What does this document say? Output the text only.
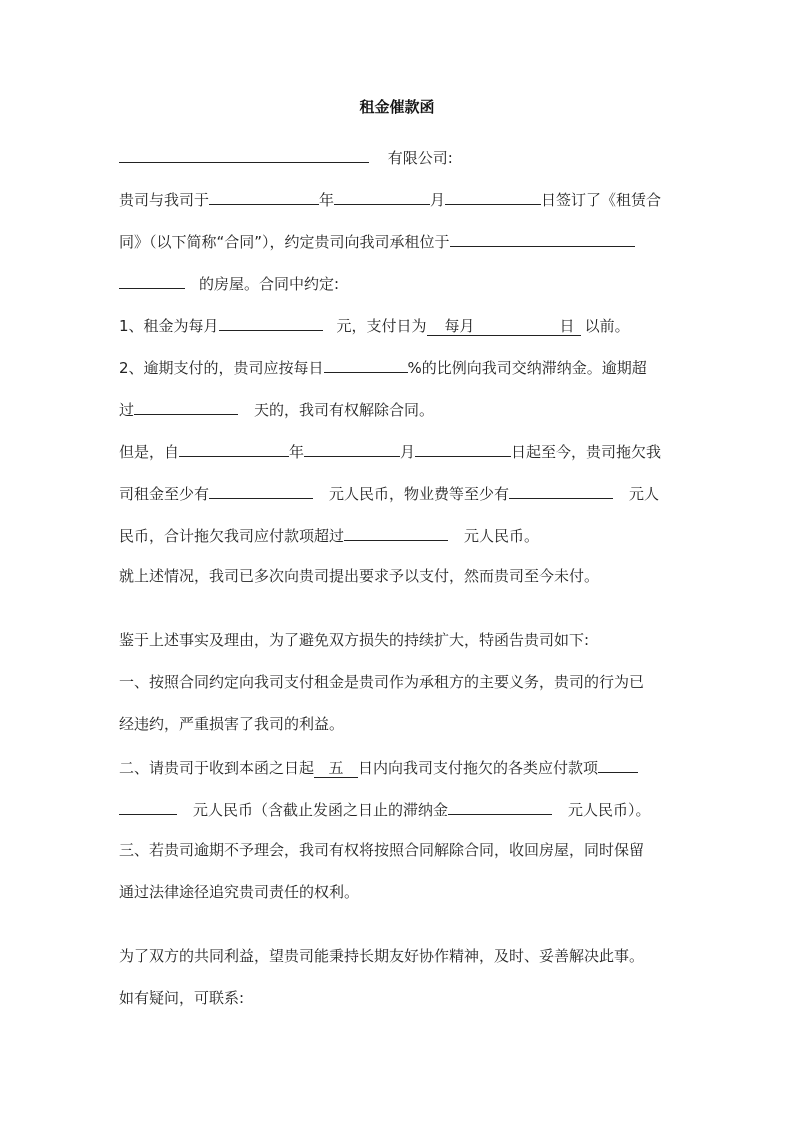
租金催款函
有限公司:
贵司与我司于	年	月	日签订了《租赁合
同》（以下简称“合同”），约定贵司向我司承租位于
的房屋。合同中约定:
1、租金为每月	元，支付日为 每月	日 以前。
2、逾期支付的，贵司应按每日	%的比例向我司交纳滞纳金。逾期超
过	天的，我司有权解除合同。
但是，自	年	月	日起至今，贵司拖欠我
司租金至少有	元人民币，物业费等至少有	元人
民币，合计拖欠我司应付款项超过	元人民币。
就上述情况，我司已多次向贵司提出要求予以支付，然而贵司至今未付。
鉴于上述事实及理由，为了避免双方损失的持续扩大，特函告贵司如下:
一、按照合同约定向我司支付租金是贵司作为承租方的主要义务，贵司的行为已
经违约，严重损害了我司的利益。
二、请贵司于收到本函之日起 五 日内向我司支付拖欠的各类应付款项
元人民币（含截止发函之日止的滞纳金	元人民币）。
三、若贵司逾期不予理会，我司有权将按照合同解除合同，收回房屋，同时保留
通过法律途径追究贵司责任的权利。
为了双方的共同利益，望贵司能秉持长期友好协作精神，及时、妥善解决此事。
如有疑问，可联系:
